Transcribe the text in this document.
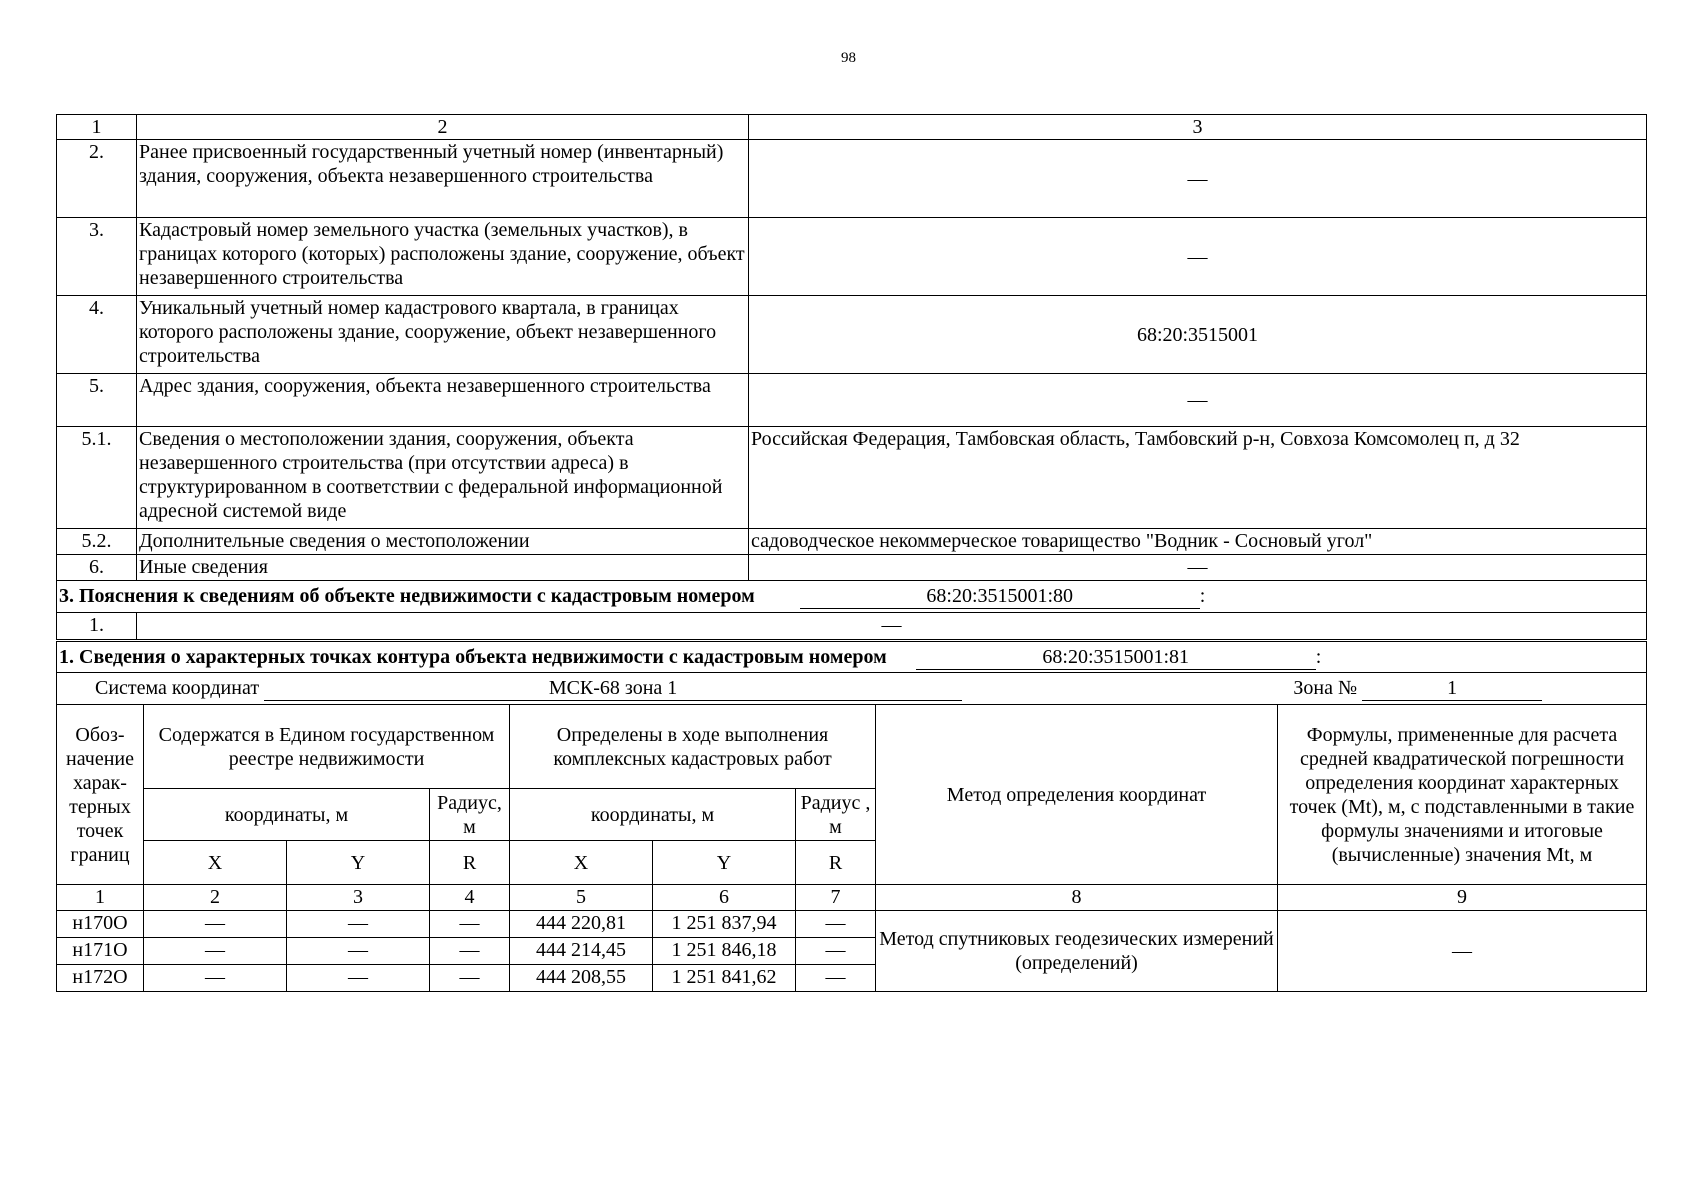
98
1	2	3
2.	Ранее присвоенный государственный учетный номер (инвентарный) здания, сооружения, объекта незавершенного строительства	—
3.	Кадастровый номер земельного участка (земельных участков), в границах которого (которых) расположены здание, сооружение, объект незавершенного строительства	—
4.	Уникальный учетный номер кадастрового квартала, в границах которого расположены здание, сооружение, объект незавершенного строительства	68:20:3515001
5.	Адрес здания, сооружения, объекта незавершенного строительства	—
5.1.	Сведения о местоположении здания, сооружения, объекта незавершенного строительства (при отсутствии адреса) в структурированном в соответствии с федеральной информационной адресной системой виде	Российская Федерация, Тамбовская область, Тамбовский р-н, Совхоза Комсомолец п, д 32
5.2.	Дополнительные сведения о местоположении	садоводческое некоммерческое товарищество "Водник - Сосновый угол"
6.	Иные сведения	—
3. Пояснения к сведениям об объекте недвижимости с кадастровым номером 68:20:3515001:80 :		
1.	—	
1. Сведения о характерных точках контура объекта недвижимости с кадастровым номером 68:20:3515001:81 :		
Система координат МСК-68 зона 1 Зона № 1		
Обоз-начение харак-терных точек границ	Содержатся в Едином государственном реестре недвижимости			Определены в ходе выполнения комплексных кадастровых работ			Метод определения координат	Формулы, примененные для расчета средней квадратической погрешности определения координат характерных точек (Mt), м, с подставленными в такие формулы значениями и итоговые (вычисленные) значения Mt, м
	координаты, м		Радиус, м	координаты, м		Радиус , м		
	X	Y	R	X	Y	R		
1	2	3	4	5	6	7	8	9
н170О	—	—	—	444 220,81	1 251 837,94	—	Метод спутниковых геодезических измерений (определений)	—
н171О	—	—	—	444 214,45	1 251 846,18	—		
н172О	—	—	—	444 208,55	1 251 841,62	—		
